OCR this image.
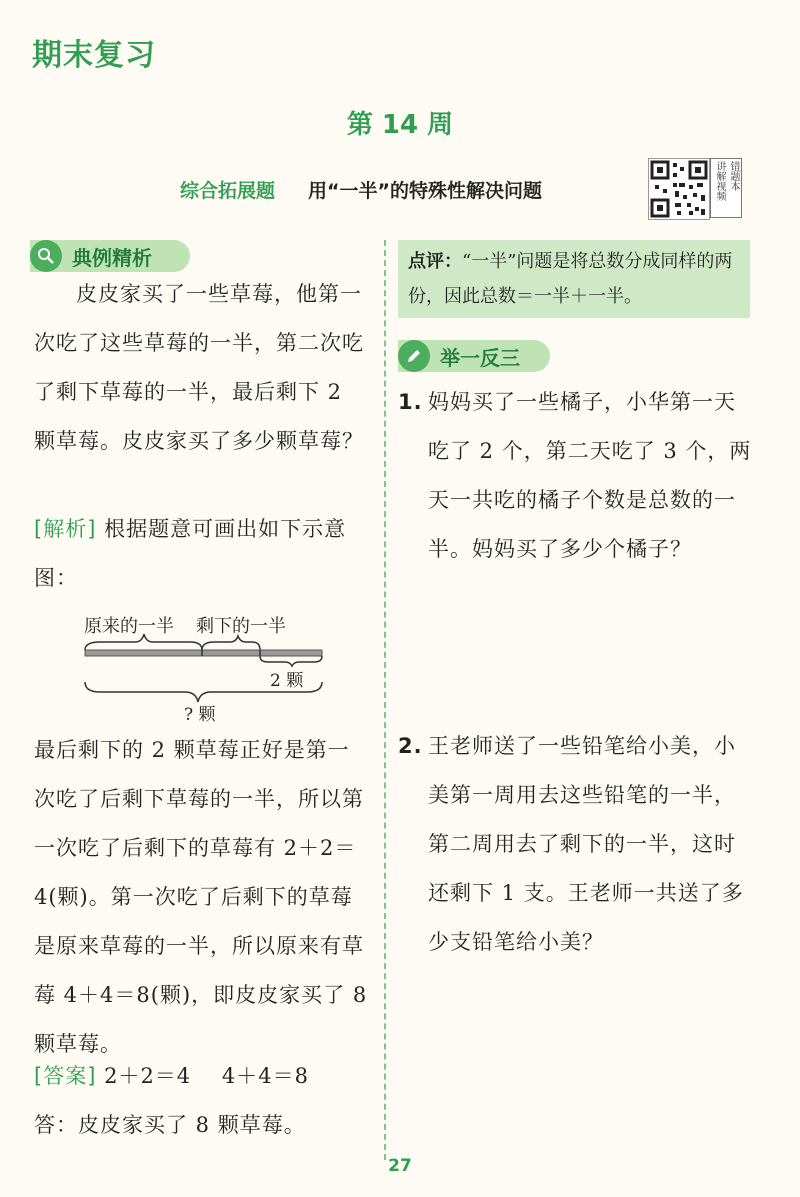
期末复习
第 14 周
综合拓展题 用“一半”的特殊性解决问题	讲解视频 错题本
典例精析
皮皮家买了一些草莓，他第一次吃了这些草莓的一半，第二次吃了剩下草莓的一半，最后剩下 2 颗草莓。皮皮家买了多少颗草莓？
[解析] 根据题意可画出如下示意图：
原来的一半 剩下的一半
2 颗
? 颗
最后剩下的 2 颗草莓正好是第一次吃了后剩下草莓的一半，所以第一次吃了后剩下的草莓有 2＋2＝4(颗)。第一次吃了后剩下的草莓是原来草莓的一半，所以原来有草莓 4＋4＝8(颗)，即皮皮家买了 8 颗草莓。
[答案] 2＋2＝4    4＋4＝8
答：皮皮家买了 8 颗草莓。
点评：“一半”问题是将总数分成同样的两份，因此总数＝一半＋一半。
举一反三
1. 妈妈买了一些橘子，小华第一天吃了 2 个，第二天吃了 3 个，两天一共吃的橘子个数是总数的一半。妈妈买了多少个橘子？
2. 王老师送了一些铅笔给小美，小美第一周用去这些铅笔的一半，第二周用去了剩下的一半，这时还剩下 1 支。王老师一共送了多少支铅笔给小美？
27
